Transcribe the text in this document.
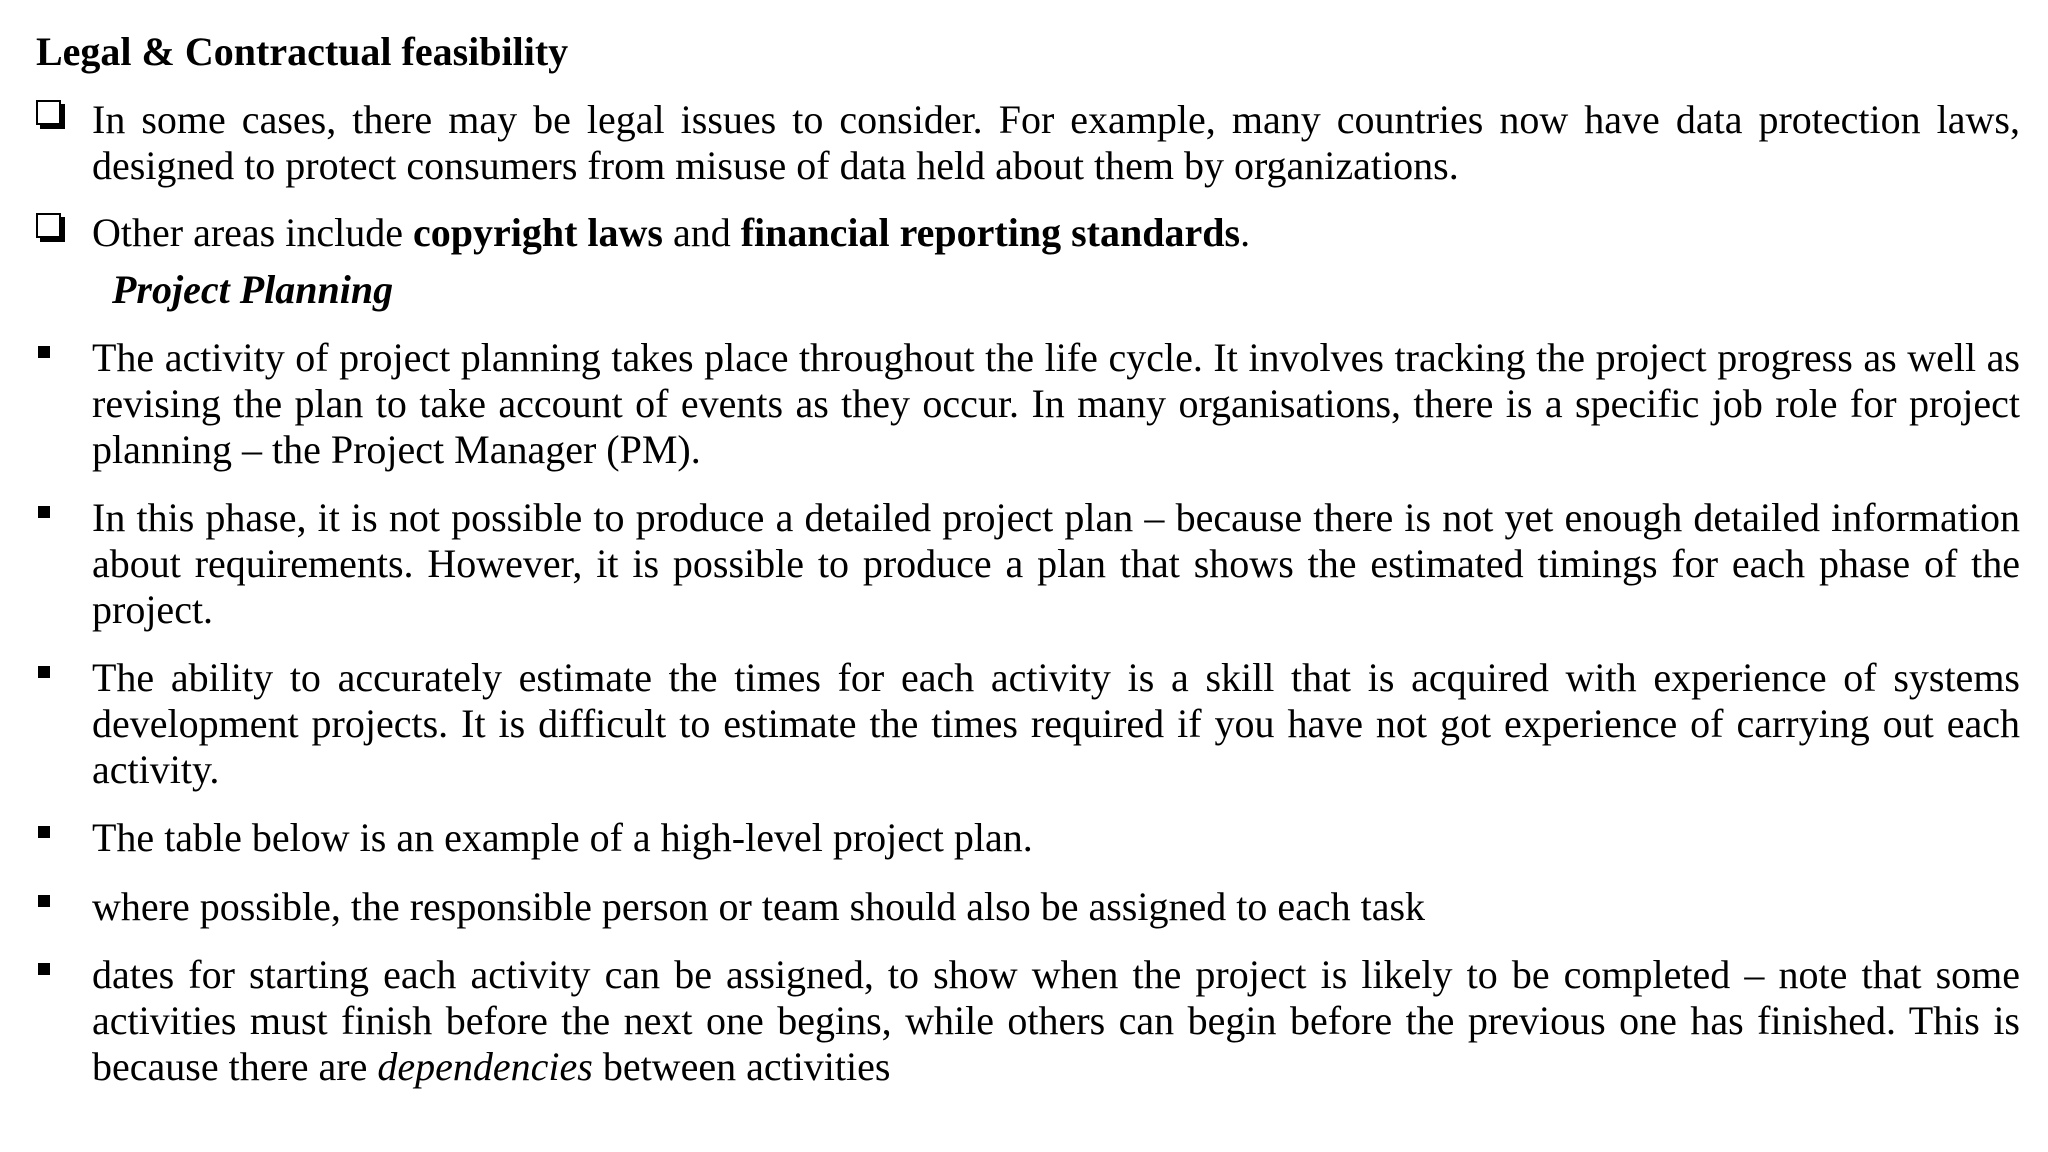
Legal & Contractual feasibility
In some cases, there may be legal issues to consider. For example, many countries now have data protection laws, designed to protect consumers from misuse of data held about them by organizations.
Other areas include copyright laws and financial reporting standards.
Project Planning
The activity of project planning takes place throughout the life cycle. It involves tracking the project progress as well as revising the plan to take account of events as they occur. In many organisations, there is a specific job role for project planning – the Project Manager (PM).
In this phase, it is not possible to produce a detailed project plan – because there is not yet enough detailed information about requirements. However, it is possible to produce a plan that shows the estimated timings for each phase of the project.
The ability to accurately estimate the times for each activity is a skill that is acquired with experience of systems development projects. It is difficult to estimate the times required if you have not got experience of carrying out each activity.
The table below is an example of a high-level project plan.
where possible, the responsible person or team should also be assigned to each task
dates for starting each activity can be assigned, to show when the project is likely to be completed – note that some activities must finish before the next one begins, while others can begin before the previous one has finished. This is because there are dependencies between activities
